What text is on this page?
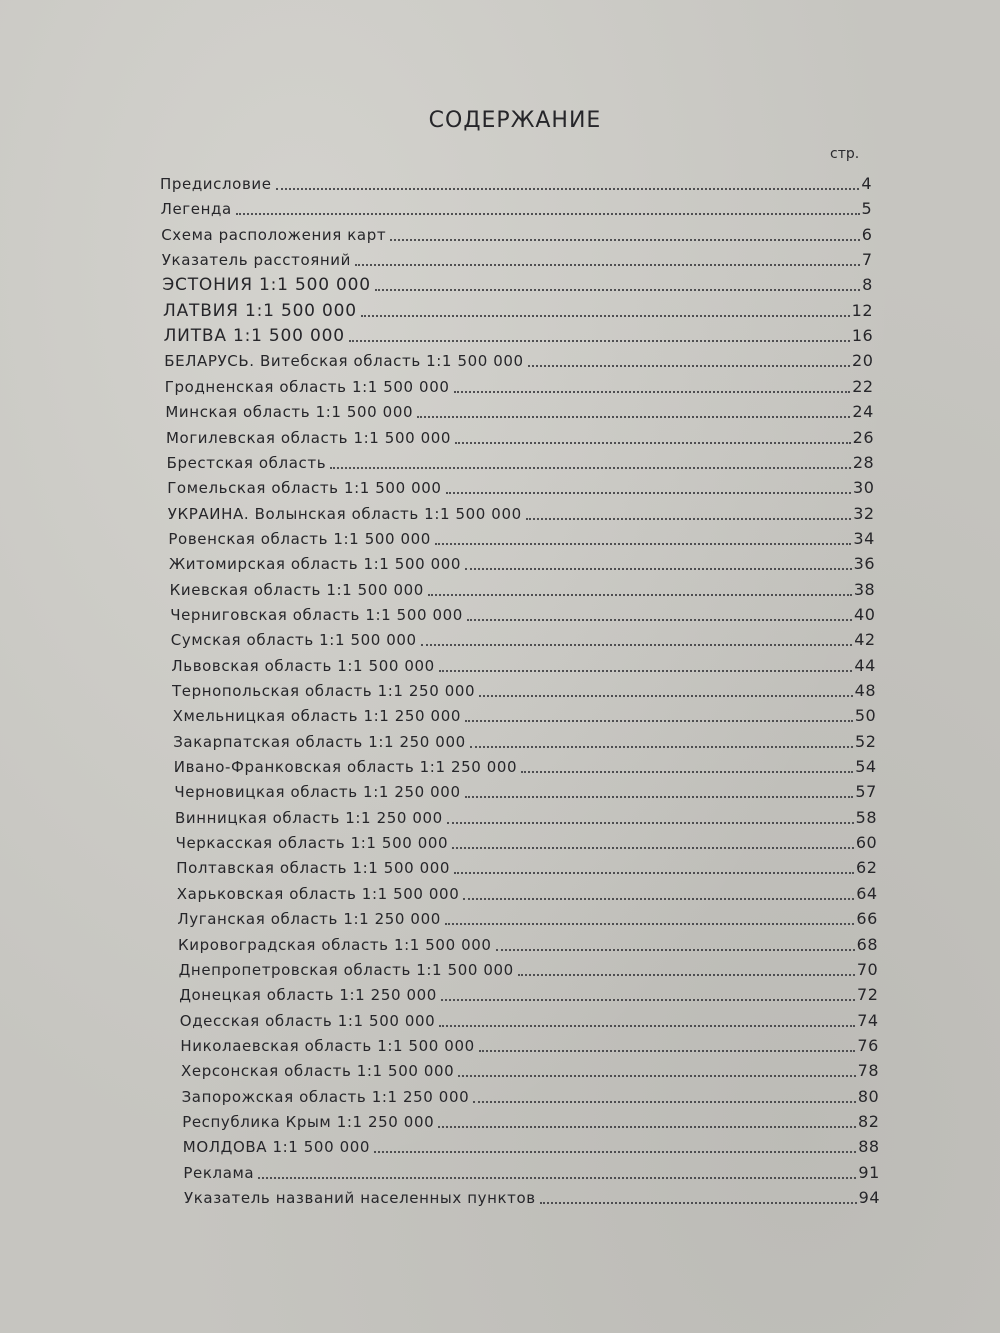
СОДЕРЖАНИЕ
стр.
Предисловие	4
Легенда	5
Схема расположения карт	6
Указатель расстояний	7
ЭСТОНИЯ 1:1 500 000	8
ЛАТВИЯ 1:1 500 000	12
ЛИТВА 1:1 500 000	16
БЕЛАРУСЬ. Витебская область 1:1 500 000	20
Гродненская область 1:1 500 000	22
Минская область 1:1 500 000	24
Могилевская область 1:1 500 000	26
Брестская область	28
Гомельская область 1:1 500 000	30
УКРАИНА. Волынская область 1:1 500 000	32
Ровенская область 1:1 500 000	34
Житомирская область 1:1 500 000	36
Киевская область 1:1 500 000	38
Черниговская область 1:1 500 000	40
Сумская область 1:1 500 000	42
Львовская область 1:1 500 000	44
Тернопольская область 1:1 250 000	48
Хмельницкая область 1:1 250 000	50
Закарпатская область 1:1 250 000	52
Ивано-Франковская область 1:1 250 000	54
Черновицкая область 1:1 250 000	57
Винницкая область 1:1 250 000	58
Черкасская область 1:1 500 000	60
Полтавская область 1:1 500 000	62
Харьковская область 1:1 500 000	64
Луганская область 1:1 250 000	66
Кировоградская область 1:1 500 000	68
Днепропетровская область 1:1 500 000	70
Донецкая область 1:1 250 000	72
Одесская область 1:1 500 000	74
Николаевская область 1:1 500 000	76
Херсонская область 1:1 500 000	78
Запорожская область 1:1 250 000	80
Республика Крым 1:1 250 000	82
МОЛДОВА 1:1 500 000	88
Реклама	91
Указатель названий населенных пунктов	94
